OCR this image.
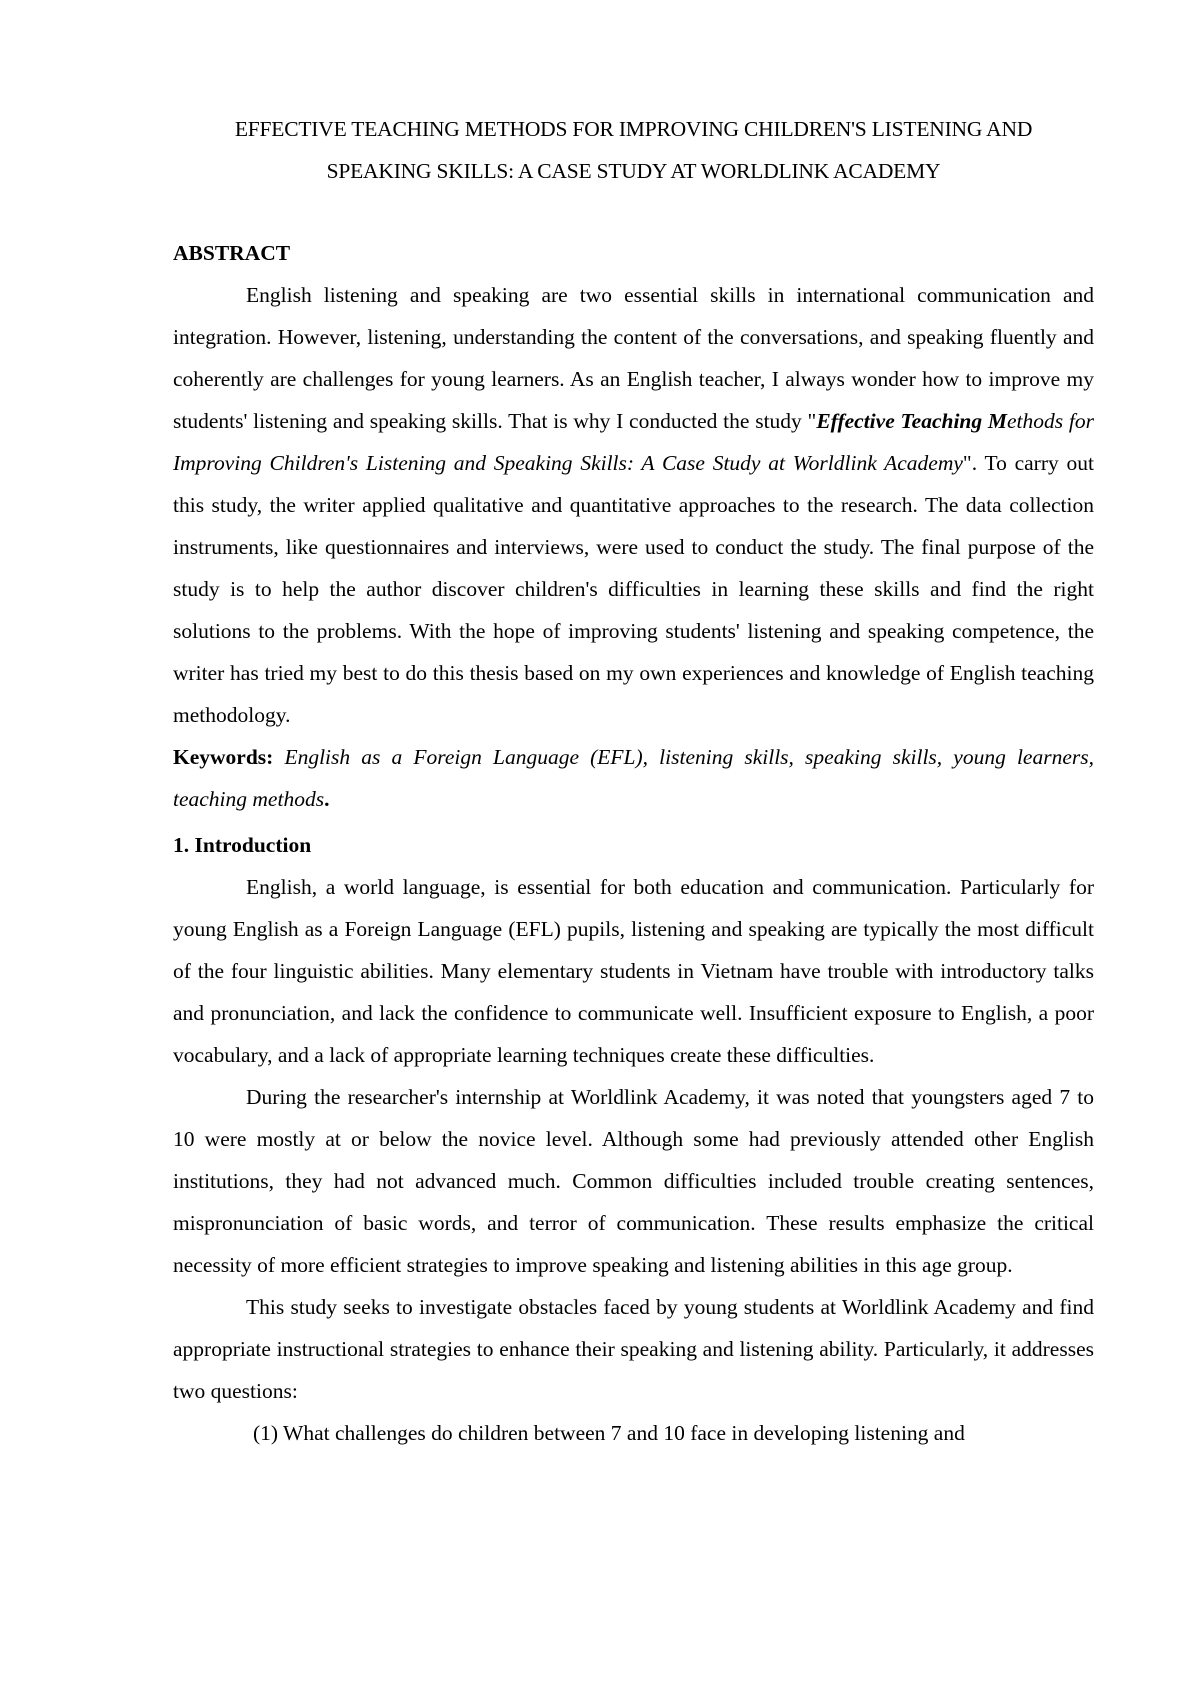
EFFECTIVE TEACHING METHODS FOR IMPROVING CHILDREN'S LISTENING AND
SPEAKING SKILLS: A CASE STUDY AT WORLDLINK ACADEMY
ABSTRACT

English listening and speaking are two essential skills in international communication and integration. However, listening, understanding the content of the conversations, and speaking fluently and coherently are challenges for young learners. As an English teacher, I always wonder how to improve my students' listening and speaking skills. That is why I conducted the study "Effective Teaching Methods for Improving Children's Listening and Speaking Skills: A Case Study at Worldlink Academy". To carry out this study, the writer applied qualitative and quantitative approaches to the research. The data collection instruments, like questionnaires and interviews, were used to conduct the study. The final purpose of the study is to help the author discover children's difficulties in learning these skills and find the right solutions to the problems. With the hope of improving students' listening and speaking competence, the writer has tried my best to do this thesis based on my own experiences and knowledge of English teaching methodology.

Keywords: English as a Foreign Language (EFL), listening skills, speaking skills, young learners, teaching methods.

1. Introduction

English, a world language, is essential for both education and communication. Particularly for young English as a Foreign Language (EFL) pupils, listening and speaking are typically the most difficult of the four linguistic abilities. Many elementary students in Vietnam have trouble with introductory talks and pronunciation, and lack the confidence to communicate well. Insufficient exposure to English, a poor vocabulary, and a lack of appropriate learning techniques create these difficulties.

During the researcher's internship at Worldlink Academy, it was noted that youngsters aged 7 to 10 were mostly at or below the novice level. Although some had previously attended other English institutions, they had not advanced much. Common difficulties included trouble creating sentences, mispronunciation of basic words, and terror of communication. These results emphasize the critical necessity of more efficient strategies to improve speaking and listening abilities in this age group.

This study seeks to investigate obstacles faced by young students at Worldlink Academy and find appropriate instructional strategies to enhance their speaking and listening ability. Particularly, it addresses two questions:

(1) What challenges do children between 7 and 10 face in developing listening and
